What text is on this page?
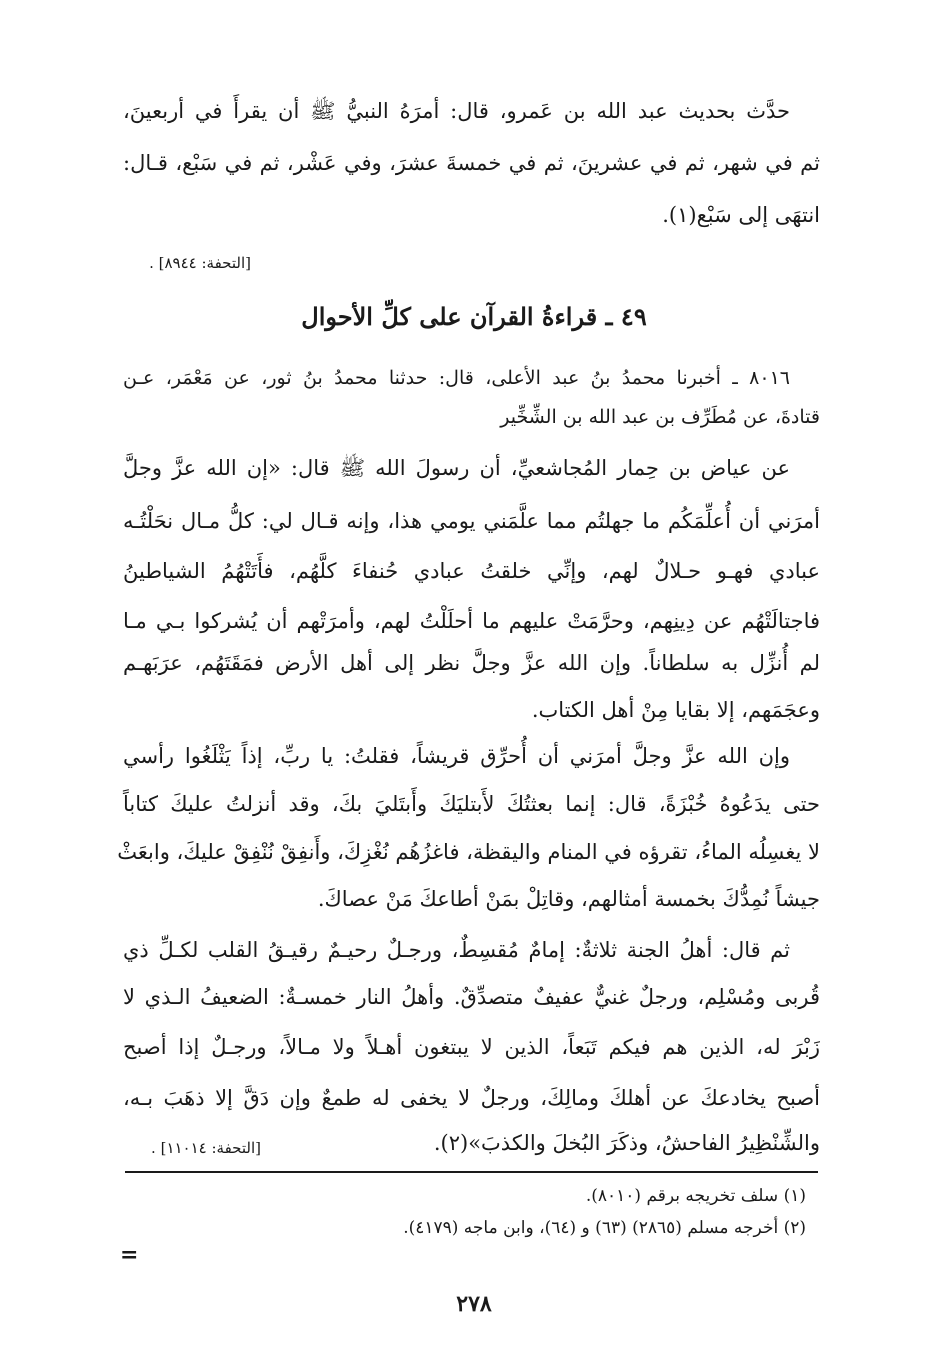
حدَّث بحديث عبد الله بن عَمرو، قال: أمرَهُ النبيُّ ﷺ أن يقرأَ في أربعينَ،
ثم في شهر، ثم في عشرينَ، ثم في خمسةَ عشرَ، وفي عَشْر، ثم في سَبْع، قـال:
انتهَى إلى سَبْع(١).
[التحفة: ٨٩٤٤] .
٤٩ ـ قراءةُ القرآن على كلِّ الأحوال
٨٠١٦ ـ أخبرنا محمدُ بنُ عبد الأعلى، قال: حدثنا محمدُ بنُ ثور، عن مَعْمَر، عـن
قتادةَ، عن مُطَرِّف بن عبد الله بن الشِّخِّير
عن عياض بن حِمار المُجاشعيِّ، أن رسولَ الله ﷺ قال: «إن الله عزَّ وجلَّ
أمرَني أن أُعلِّمَكُم ما جهلتُم مما علَّمَني يومي هذا، وإنه قـال لي: كلُّ مـال نحَلْتُـه
عبادي فهـو حـلالٌ لهم، وإنِّي خلقتُ عبادي حُنفاءَ كلَّهُم، فأَتَتْهُمُ الشياطينُ
فاجتالَتْهُم عن دِينِهم، وحرَّمَتْ عليهم ما أحلَلْتُ لهم، وأمرَتْهم أن يُشركوا بـي مـا
لم أُنزِّل به سلطاناً. وإن الله عزَّ وجلَّ نظر إلى أهل الأرض فمَقَتَهُم، عرَبَهـم
وعجَمَهم، إلا بقايا مِنْ أهل الكتاب.
وإن الله عزَّ وجلَّ أمرَني أن أُحرِّق قريشاً، فقلتُ: يا ربِّ، إذاً يَثْلَغُوا رأسي
حتى يدَعُوهُ خُبْزَةً، قال: إنما بعثتُكَ لأَبتليَكَ وأَبتَليَ بكَ، وقد أنزلتُ عليكَ كتاباً
لا يغسِلُه الماءُ، تقرؤه في المنام واليقظة، فاغزُهُم نُغْزِكَ، وأَنفِقْ نُنْفِقْ عليكَ، وابعَثْ
جيشاً نُمِدُّكَ بخمسة أمثالهم، وقاتِلْ بمَنْ أطاعكَ مَنْ عصاكَ.
ثم قال: أهلُ الجنة ثلاثةٌ: إمامٌ مُقسِطٌ، ورجـلٌ رحيـمٌ رقيـقُ القلب لكـلِّ ذي
قُربى ومُسْلِم، ورجلٌ غنيٌّ عفيفٌ متصدِّقٌ. وأهلُ النار خمسـةٌ: الضعيفُ الـذي لا
زَبْرَ له، الذين هم فيكم تَبَعاً، الذين لا يبتغون أهـلاً ولا مـالاً، ورجـلٌ إذا أصبح
أصبح يخادعكَ عن أهلكَ ومالِكَ، ورجلٌ لا يخفى له طمعٌ وإن دَقَّ إلا ذهَبَ بـه،
والشِّنْظِيرُ الفاحشُ، وذكَرَ البُخلَ والكذبَ»(٢).
[التحفة: ١١٠١٤] .
(١) سلف تخريجه برقم (٨٠١٠).
(٢) أخرجه مسلم (٢٨٦٥) (٦٣) و (٦٤)، وابن ماجه (٤١٧٩).
=
٢٧٨
